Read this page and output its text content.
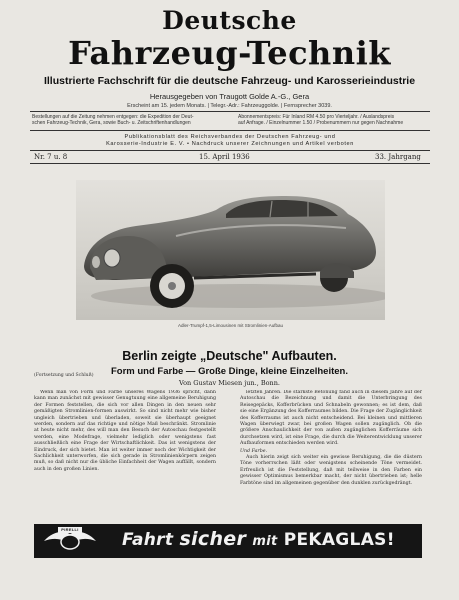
Deutsche
Fahrzeug-Technik
Illustrierte Fachschrift für die deutsche Fahrzeug- und Karosserieindustrie
Herausgegeben von Traugott Golde A.-G., Gera
Erscheint am 15. jedem Monats. | Telegr.-Adr.: Fahrzeuggolde. | Fernsprecher 3039.
Bestellungen auf die Zeitung nehmen entgegen: die Expedition der Deut-
schen Fahrzeug-Technik, Gera, sowie Buch- u. Zeitschriftenhandlungen
Abonnementspreis: Für Inland RM 4.50 pro Vierteljahr. / Auslandspreis
auf Anfrage. / Einzelnummer 1.50 / Probenummern nur gegen Nachnahme
Publikationsblatt des Reichsverbandes der Deutschen Fahrzeug- und
Karosserie-Industrie E. V. • Nachdruck unserer Zeichnungen und Artikel verboten
Nr. 7 u. 8	15. April 1936	33. Jahrgang
Adler-Trumpf-1,5-Limousinen mit Stromlinien-Aufbau
Berlin zeigte „Deutsche" Aufbauten.
Form und Farbe — Große Dinge, kleine Einzelheiten.
(Fortsetzung und Schluß)
Von Gustav Miesen jun., Bonn.

Wenn man von Form und Farbe unseres Wagens 1936 spricht, dann kann man zunächst mit gewisser Genugtuung eine allgemeine Beruhigung der Formen feststellen, die sich vor allen Dingen in den neuen sehr gemäßigten Stromlinien-formen auswirkt. So sind nicht mehr wie bisher ungleich übertrieben und überladen, soweit sie überhaupt geeignet werden, sondern auf das richtige und nötige Maß beschränkt. Stromlinie at heute nicht mehr, des will man den Besuch der Autoschau festgestellt werden, eine Modefrage, vielmehr lediglich oder wenigstens fast ausschließlich eine Frage der Wirtschaftlichkeit. Das ist wenigstens der Eindruck, der sich bietet. Man ist weiter immer noch der Wichtigkeit der Sachlichkeit unterworfen, die sich gerade in Stromlinienkörpern zeigen muß, so daß nicht nur die übliche Einfachheit der Wagen auffällt, sondern auch in den großen Linien.

letzten Jahren. Die stärkste Betonung fand auch in diesem Jahre auf der Autoschau die Bezeichnung und damit die Unterbringung des Reisegepäcks, Kofferbrücken und Schnabeln gewonnen; es ist dem, daß sie eine Ergänzung des Kofferraumes bilden. Die Frage der Zugänglichkeit des Kofferraums ist auch nicht entscheidend. Bei kleinen und mittleren Wagen überwiegt zwar, bei großen Wagen sollen zugänglich. Ob die größere Anschaulichkeit der von außen zugänglichen Kofferräume sich durchsetzen wird, ist eine Frage, die durch die Weiterentwicklung unserer Aufbauformen entschieden werden wird.

Und Farbe.

Auch hierin zeigt sich weiter ein gewisse Beruhigung, die die düstern Töne vorherrschen läßt oder wenigstens scheinende Töne vermeidet. Erfreulich ist die Feststellung, daß mit teilweise in den Farben ein gewisser Optimismus bemerkbar macht, der nicht übertrieben ist; helle Farbtöne sind im allgemeinen gegenüber den dunklen zurückgedrängt.

PIRELLI
Fahrt sicher mit PEKAGLAS!
